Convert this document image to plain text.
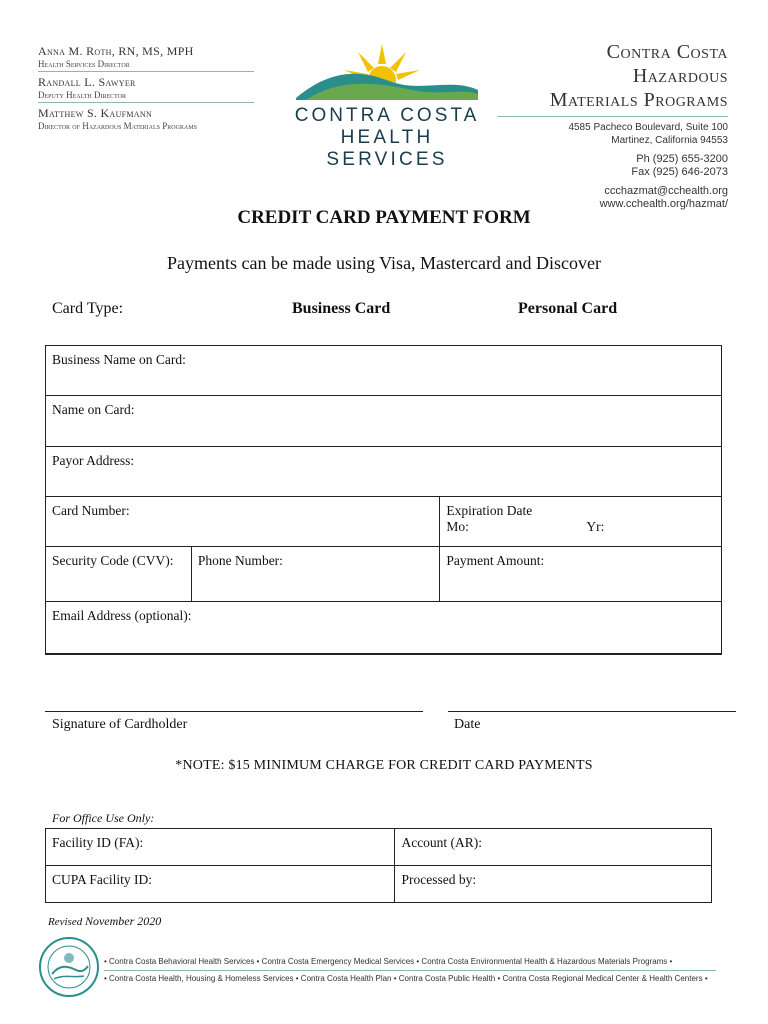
Anna M. Roth, RN, MS, MPH
Health Services Director
Randall L. Sawyer
Deputy Health Director
Matthew S. Kaufmann
Director of Hazardous Materials Programs	CONTRA COSTA
HEALTH SERVICES
Contra Costa
Hazardous
Materials Programs
4585 Pacheco Boulevard, Suite 100
Martinez, California 94553
Ph (925) 655-3200
Fax (925) 646-2073
ccchazmat@cchealth.org
www.cchealth.org/hazmat/
CREDIT CARD PAYMENT FORM
Payments can be made using Visa, Mastercard and Discover
Card Type:	Business Card	Personal Card
Business Name on Card:		
Name on Card:		
Payor Address:		
Card Number:		Expiration Date
Mo: Yr:

Security Code (CVV):	Phone Number:	Payment Amount:
Email Address (optional):		
Signature of Cardholder	Date
*NOTE: $15 MINIMUM CHARGE FOR CREDIT CARD PAYMENTS
For Office Use Only:
Facility ID (FA):	Account (AR):
CUPA Facility ID:	Processed by:
Revised November 2020
• Contra Costa Behavioral Health Services • Contra Costa Emergency Medical Services • Contra Costa Environmental Health & Hazardous Materials Programs •
• Contra Costa Health, Housing & Homeless Services • Contra Costa Health Plan • Contra Costa Public Health • Contra Costa Regional Medical Center & Health Centers •
